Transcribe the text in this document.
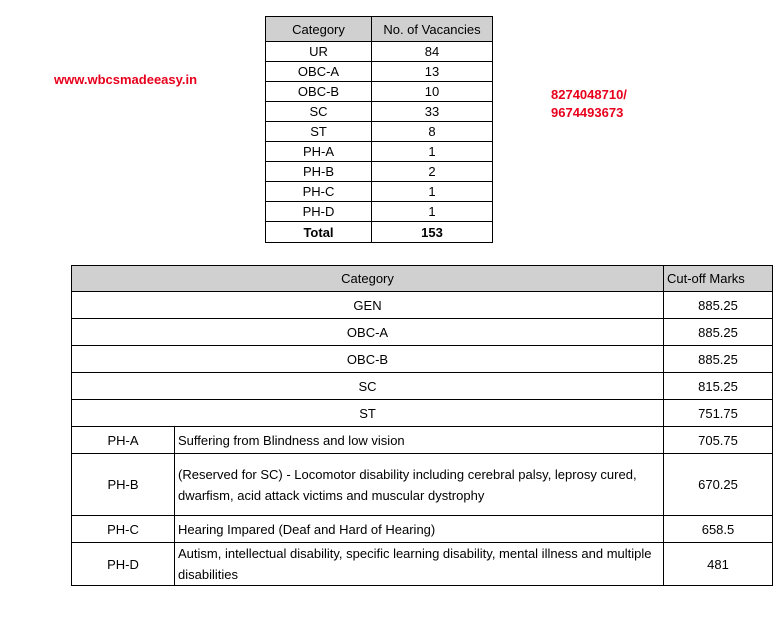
www.wbcsmadeeasy.in
8274048710/
9674493673
Category	No. of Vacancies
UR	84
OBC-A	13
OBC-B	10
SC	33
ST	8
PH-A	1
PH-B	2
PH-C	1
PH-D	1
Total	153
Category		Cut-off Marks
GEN		885.25
OBC-A		885.25
OBC-B		885.25
SC		815.25
ST		751.75
PH-A	Suffering from Blindness and low vision	705.75
PH-B	(Reserved for SC) - Locomotor disability including cerebral palsy, leprosy cured, dwarfism, acid attack victims and muscular dystrophy	670.25
PH-C	Hearing Impared (Deaf and Hard of Hearing)	658.5
PH-D	Autism, intellectual disability, specific learning disability, mental illness and multiple disabilities	481
